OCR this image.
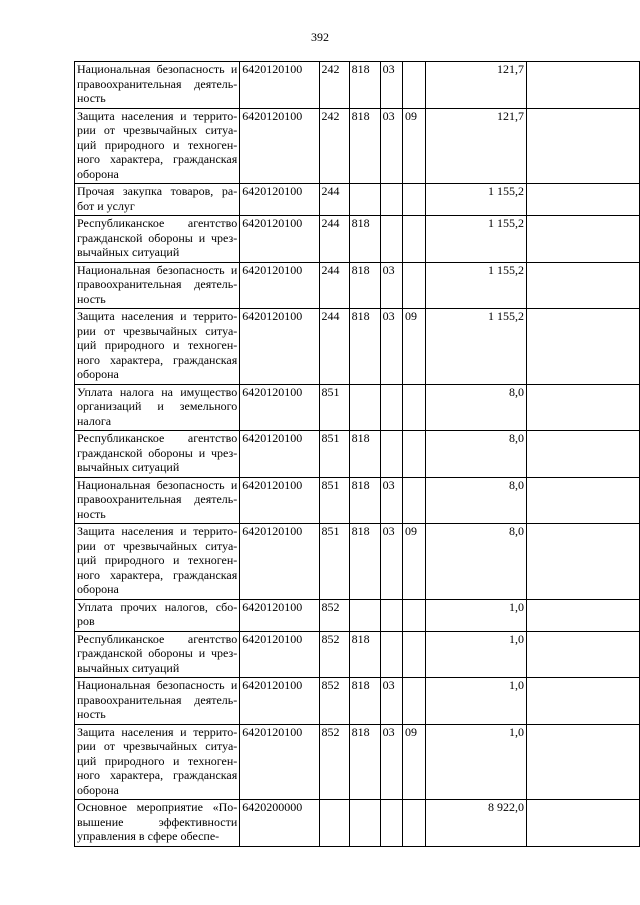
392
Национальная безопасность и правоохранительная деятель-ность	6420120100	242	818	03		121,7	
Защита населения и террито-рии от чрезвычайных ситуа-ций природного и техноген-ного характера, гражданская оборона	6420120100	242	818	03	09	121,7	
Прочая закупка товаров, ра-бот и услуг	6420120100	244				1 155,2	
Республиканское агентство гражданской обороны и чрез-вычайных ситуаций	6420120100	244	818			1 155,2	
Национальная безопасность и правоохранительная деятель-ность	6420120100	244	818	03		1 155,2	
Защита населения и террито-рии от чрезвычайных ситуа-ций природного и техноген-ного характера, гражданская оборона	6420120100	244	818	03	09	1 155,2	
Уплата налога на имущество организаций и земельного налога	6420120100	851				8,0	
Республиканское агентство гражданской обороны и чрез-вычайных ситуаций	6420120100	851	818			8,0	
Национальная безопасность и правоохранительная деятель-ность	6420120100	851	818	03		8,0	
Защита населения и террито-рии от чрезвычайных ситуа-ций природного и техноген-ного характера, гражданская оборона	6420120100	851	818	03	09	8,0	
Уплата прочих налогов, сбо-ров	6420120100	852				1,0	
Республиканское агентство гражданской обороны и чрез-вычайных ситуаций	6420120100	852	818			1,0	
Национальная безопасность и правоохранительная деятель-ность	6420120100	852	818	03		1,0	
Защита населения и террито-рии от чрезвычайных ситуа-ций природного и техноген-ного характера, гражданская оборона	6420120100	852	818	03	09	1,0	
Основное мероприятие «По-вышение эффективности управления в сфере обеспе-	6420200000					8 922,0	
